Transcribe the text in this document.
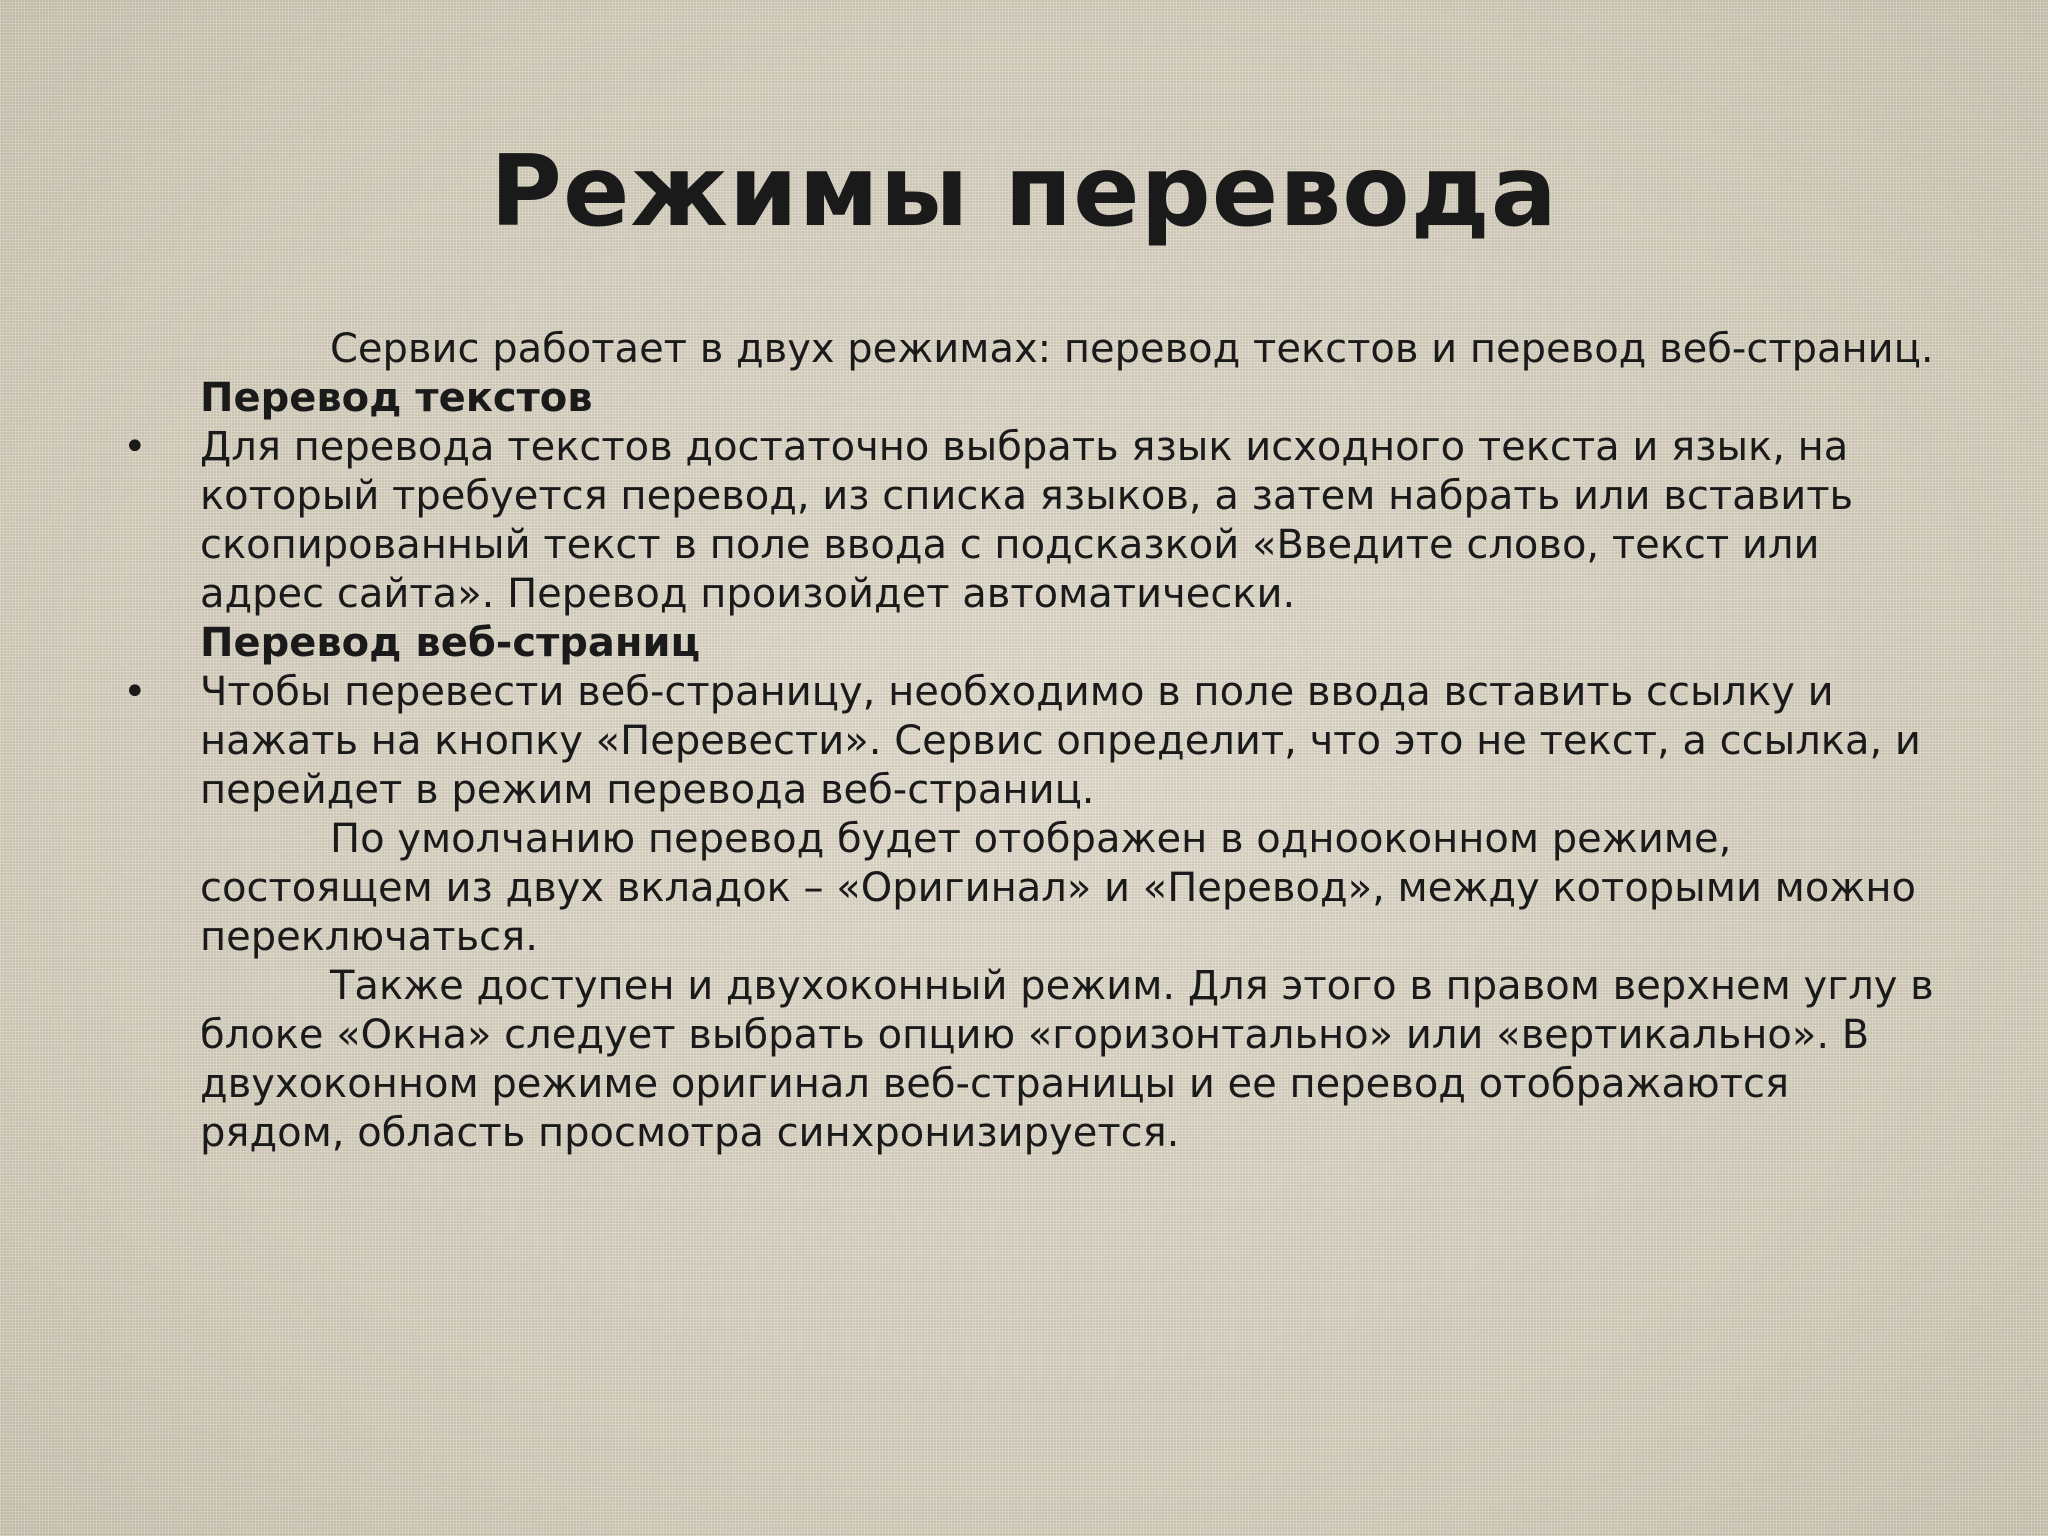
Режимы перевода

Сервис работает в двух режимах: перевод текстов и перевод веб-страниц.

Перевод текстов

• Для перевода текстов достаточно выбрать язык исходного текста и язык, на который требуется перевод, из списка языков, а затем набрать или вставить скопированный текст в поле ввода с подсказкой «Введите слово, текст или адрес сайта». Перевод произойдет автоматически.

Перевод веб-страниц

• Чтобы перевести веб-страницу, необходимо в поле ввода вставить ссылку и нажать на кнопку «Перевести». Сервис определит, что это не текст, а ссылка, и перейдет в режим перевода веб-страниц.

По умолчанию перевод будет отображен в однооконном режиме, состоящем из двух вкладок – «Оригинал» и «Перевод», между которыми можно переключаться.

Также доступен и двухоконный режим. Для этого в правом верхнем углу в блоке «Окна» следует выбрать опцию «горизонтально» или «вертикально». В двухоконном режиме оригинал веб-страницы и ее перевод отображаются рядом, область просмотра синхронизируется.
